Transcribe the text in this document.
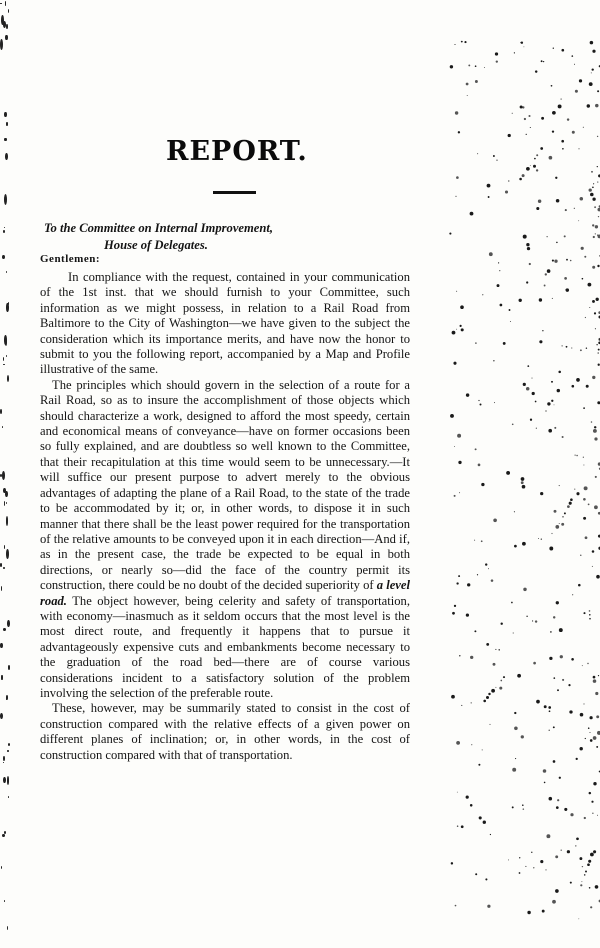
REPORT.
To the Committee on Internal Improvement,
House of Delegates.
Gentlemen:

In compliance with the request, contained in your communication of the 1st inst. that we should furnish to your Committee, such information as we might possess, in relation to a Rail Road from Baltimore to the City of Washington—we have given to the subject the consideration which its importance merits, and have now the honor to submit to you the following report, accompanied by a Map and Profile illustrative of the same.

The principles which should govern in the selection of a route for a Rail Road, so as to insure the accomplishment of those objects which should characterize a work, designed to afford the most speedy, certain and economical means of conveyance—have on former occasions been so fully explained, and are doubtless so well known to the Committee, that their recapitulation at this time would seem to be unnecessary.—It will suffice our present purpose to advert merely to the obvious advantages of adapting the plane of a Rail Road, to the state of the trade to be accommodated by it; or, in other words, to dispose it in such manner that there shall be the least power required for the transportation of the relative amounts to be conveyed upon it in each direction—And if, as in the present case, the trade be expected to be equal in both directions, or nearly so—did the face of the country permit its construction, there could be no doubt of the decided superiority of a level road. The object however, being celerity and safety of transportation, with economy—inasmuch as it seldom occurs that the most level is the most direct route, and frequently it happens that to pursue it advantageously expensive cuts and embankments become necessary to the graduation of the road bed—there are of course various considerations incident to a satisfactory solution of the problem involving the selection of the preferable route.

These, however, may be summarily stated to consist in the cost of construction compared with the relative effects of a given power on different planes of inclination; or, in other words, in the cost of construction compared with that of transportation.
